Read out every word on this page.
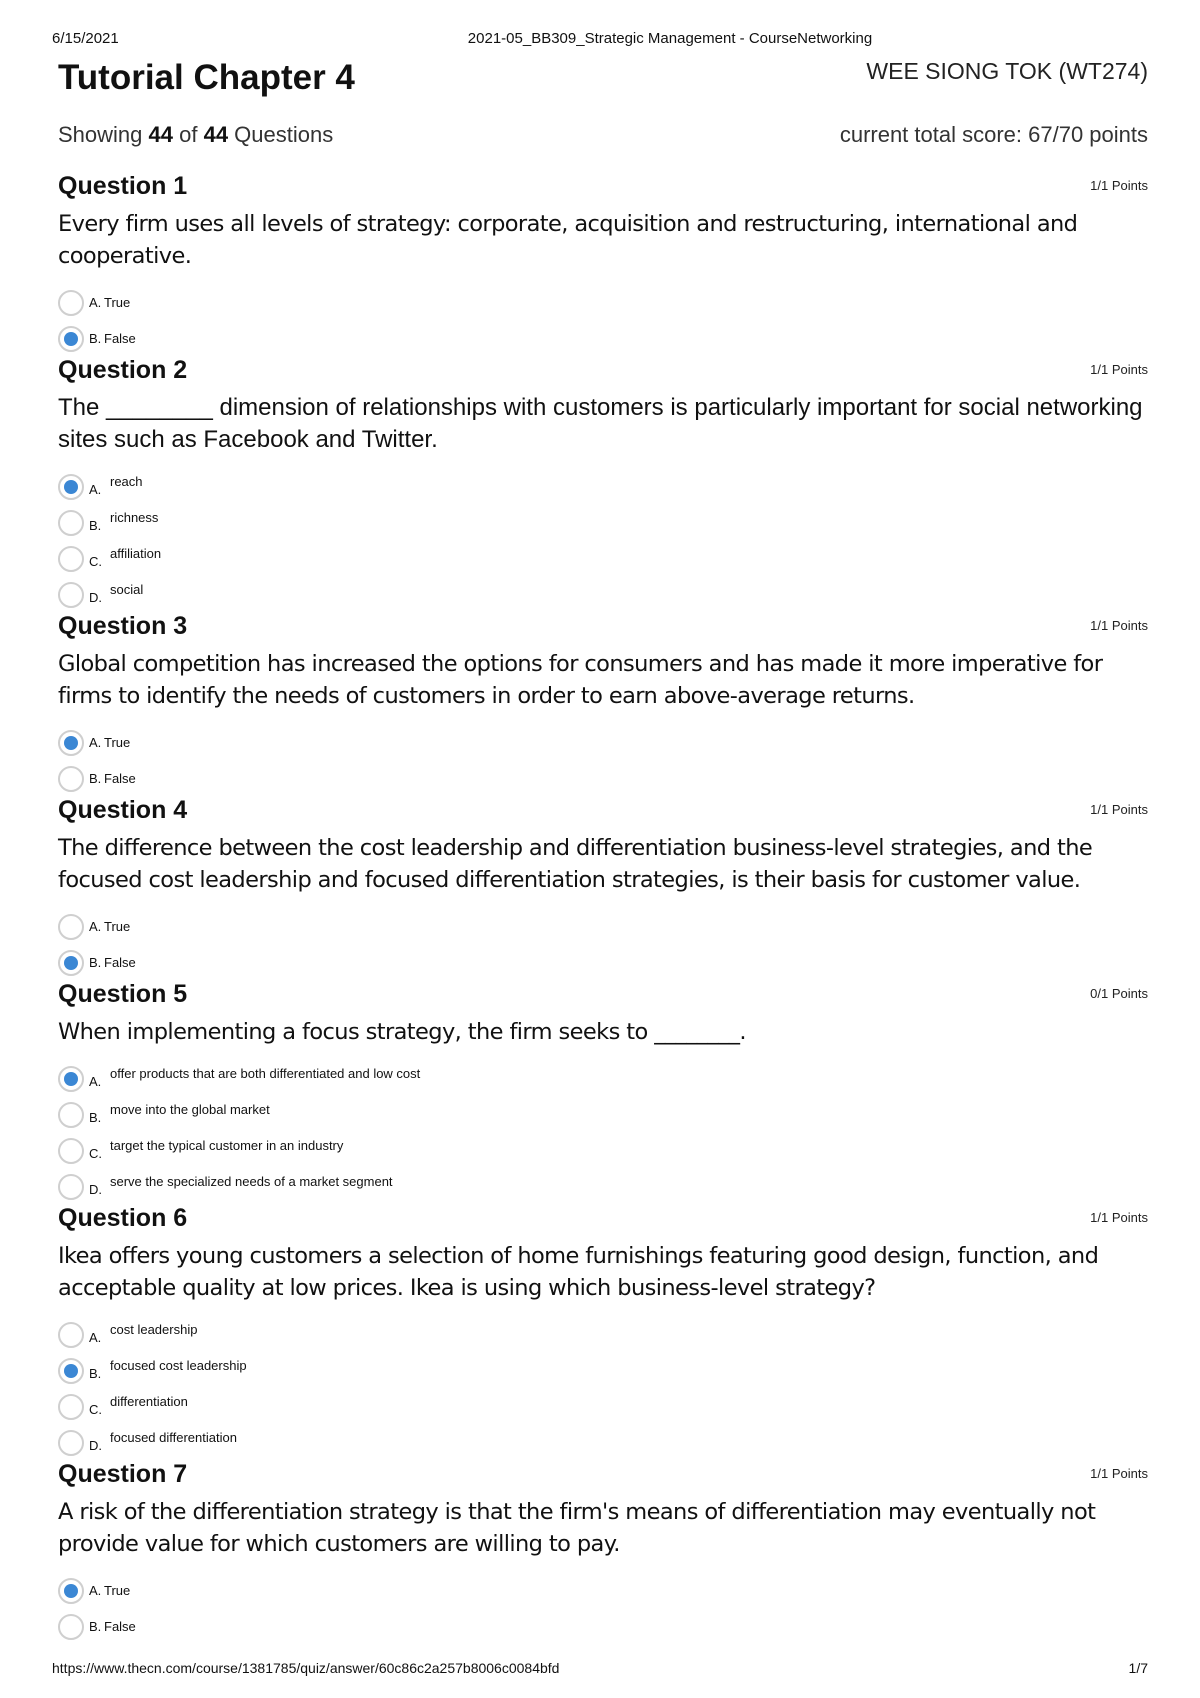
6/15/2021	2021-05_BB309_Strategic Management - CourseNetworking
Tutorial Chapter 4	WEE SIONG TOK (WT274)
Showing 44 of 44 Questions	current total score: 67/70 points
Question 1	1/1 Points
Every firm uses all levels of strategy: corporate, acquisition and restructuring, international and cooperative.
A. True
B. False
Question 2	1/1 Points
The ________ dimension of relationships with customers is particularly important for social networking sites such as Facebook and Twitter.
A.
reach
B.
richness
C.
affiliation
D.
social
Question 3	1/1 Points
Global competition has increased the options for consumers and has made it more imperative for firms to identify the needs of customers in order to earn above-average returns.
A. True
B. False
Question 4	1/1 Points
The difference between the cost leadership and differentiation business-level strategies, and the focused cost leadership and focused differentiation strategies, is their basis for customer value.
A. True
B. False
Question 5	0/1 Points
When implementing a focus strategy, the firm seeks to ________.
A.
offer products that are both differentiated and low cost
B.
move into the global market
C.
target the typical customer in an industry
D.
serve the specialized needs of a market segment
Question 6	1/1 Points
Ikea offers young customers a selection of home furnishings featuring good design, function, and acceptable quality at low prices. Ikea is using which business-level strategy?
A.
cost leadership
B.
focused cost leadership
C.
differentiation
D.
focused differentiation
Question 7	1/1 Points
A risk of the differentiation strategy is that the firm's means of differentiation may eventually not provide value for which customers are willing to pay.
A. True
B. False
https://www.thecn.com/course/1381785/quiz/answer/60c86c2a257b8006c0084bfd	1/7
